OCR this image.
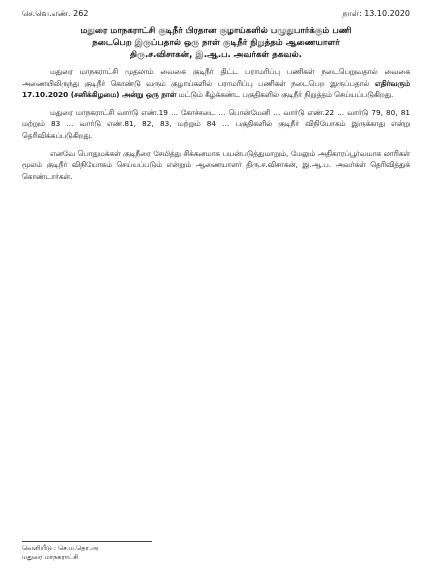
செ.வெ.எண். 262	நாள்: 13.10.2020
மதுரை மாநகராட்சி குடிநீர் பிரதான குழாய்களில் பழுதுபார்க்கும் பணி
நடைபெற இருப்பதால் ஒரு நாள் குடிநீர் நிறுத்தம் ஆணையாளர்
திரு.ச.விசாகன், இ.ஆ.ப. அவர்கள் தகவல்.

மதுரை மாநகராட்சி முதலாம் வைகை குடிநீர் திட்ட பராமரிப்பு பணிகள் நடைபெறுவதால் வைகை அணையிலிருந்து குடிநீர் கொண்டு வரும் குழாய்களில் பராமரிப்பு பணிகள் நடைபெற இருப்பதால் எதிர்வரும் 17.10.2020 (சனிக்கிழமை) அன்று ஒரு நாள் மட்டும் கீழ்க்கண்ட பகுதிகளில் குடிநீர் நிறுத்தம் செய்யப்படுகிறது.

மதுரை மாநகராட்சி வார்டு எண்.19 ... கோச்சடை ... பொன்மேனி ... வார்டு எண்.22 ... வார்டு 79, 80, 81 மற்றும் 83 ... வார்டு எண்.81, 82, 83, மற்றும் 84 ... பகுதிகளில் குடிநீர் விநியோகம் இருக்காது என்று தெரிவிக்கப்படுகிறது.

எனவே பொதுமக்கள் குடிநீரை சேமித்து சிக்கனமாக பயன்படுத்துமாறும், மேலும் அதிகாரப்பூர்வமாக லாரிகள் மூலம் குடிநீர் விநியோகம் செய்யப்படும் என்றும் ஆணையாளர் திரு.ச.விசாகன், இ.ஆ.ப. அவர்கள் தெரிவித்துக் கொண்டார்கள்.

வெளியீடு : செ.ம.தொ.அ
மதுரை மாநகராட்சி
